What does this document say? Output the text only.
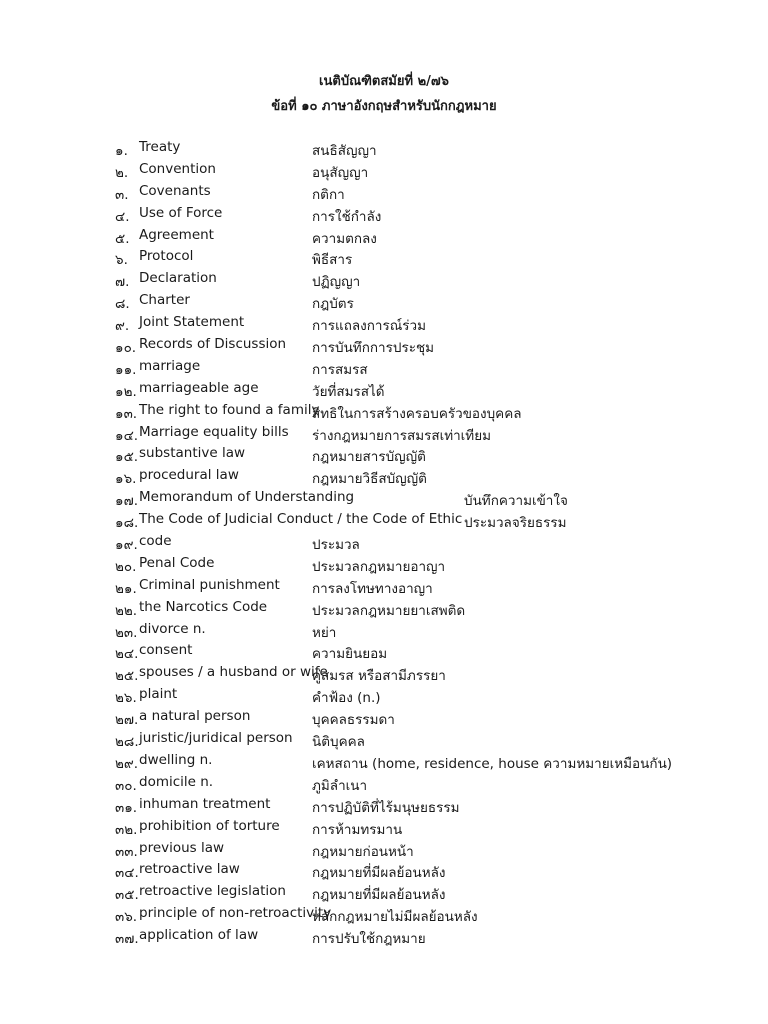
เนติบัณฑิตสมัยที่ ๒/๗๖
ข้อที่ ๑๐ ภาษาอังกฤษสำหรับนักกฎหมาย
๑. Treaty	สนธิสัญญา
๒. Convention	อนุสัญญา
๓. Covenants	กติกา
๔. Use of Force	การใช้กำลัง
๕. Agreement	ความตกลง
๖. Protocol	พิธีสาร
๗. Declaration	ปฏิญญา
๘. Charter	กฎบัตร
๙. Joint Statement	การแถลงการณ์ร่วม
๑๐. Records of Discussion การบันทึกการประชุม
๑๑. marriage	การสมรส
๑๒. marriageable age	วัยที่สมรสได้
๑๓. The right to found a family
สิทธิในการสร้างครอบครัวของบุคคล
๑๔. Marriage equality bills ร่างกฎหมายการสมรสเท่าเทียม
๑๕. substantive law	กฎหมายสารบัญญัติ
๑๖. procedural law	กฎหมายวิธีสบัญญัติ
๑๗. Memorandum of Understanding	บันทึกความเข้าใจ
๑๘. The Code of Judicial Conduct / the Code of Ethic ประมวลจริยธรรม
๑๙. code	ประมวล
๒๐. Penal Code	ประมวลกฎหมายอาญา
๒๑. Criminal punishment การลงโทษทางอาญา
๒๒. the Narcotics Code	ประมวลกฎหมายยาเสพติด
๒๓. divorce n.	หย่า
๒๔. consent	ความยินยอม
๒๕. spouses / a husband or wife
คู่สมรส หรือสามีภรรยา
๒๖. plaint	คำฟ้อง (n.)
๒๗. a natural person	บุคคลธรรมดา
๒๘. juristic/juridical person นิติบุคคล
๒๙. dwelling n.	เคหสถาน (home, residence, house ความหมายเหมือนกัน)
๓๐. domicile n.	ภูมิลำเนา
๓๑. inhuman treatment	การปฏิบัติที่ไร้มนุษยธรรม
๓๒. prohibition of torture การห้ามทรมาน
๓๓. previous law	กฎหมายก่อนหน้า
๓๔. retroactive law	กฎหมายที่มีผลย้อนหลัง
๓๕. retroactive legislation กฎหมายที่มีผลย้อนหลัง
๓๖. principle of non-retroactivity
หลักกฎหมายไม่มีผลย้อนหลัง
๓๗. application of law	การปรับใช้กฎหมาย
